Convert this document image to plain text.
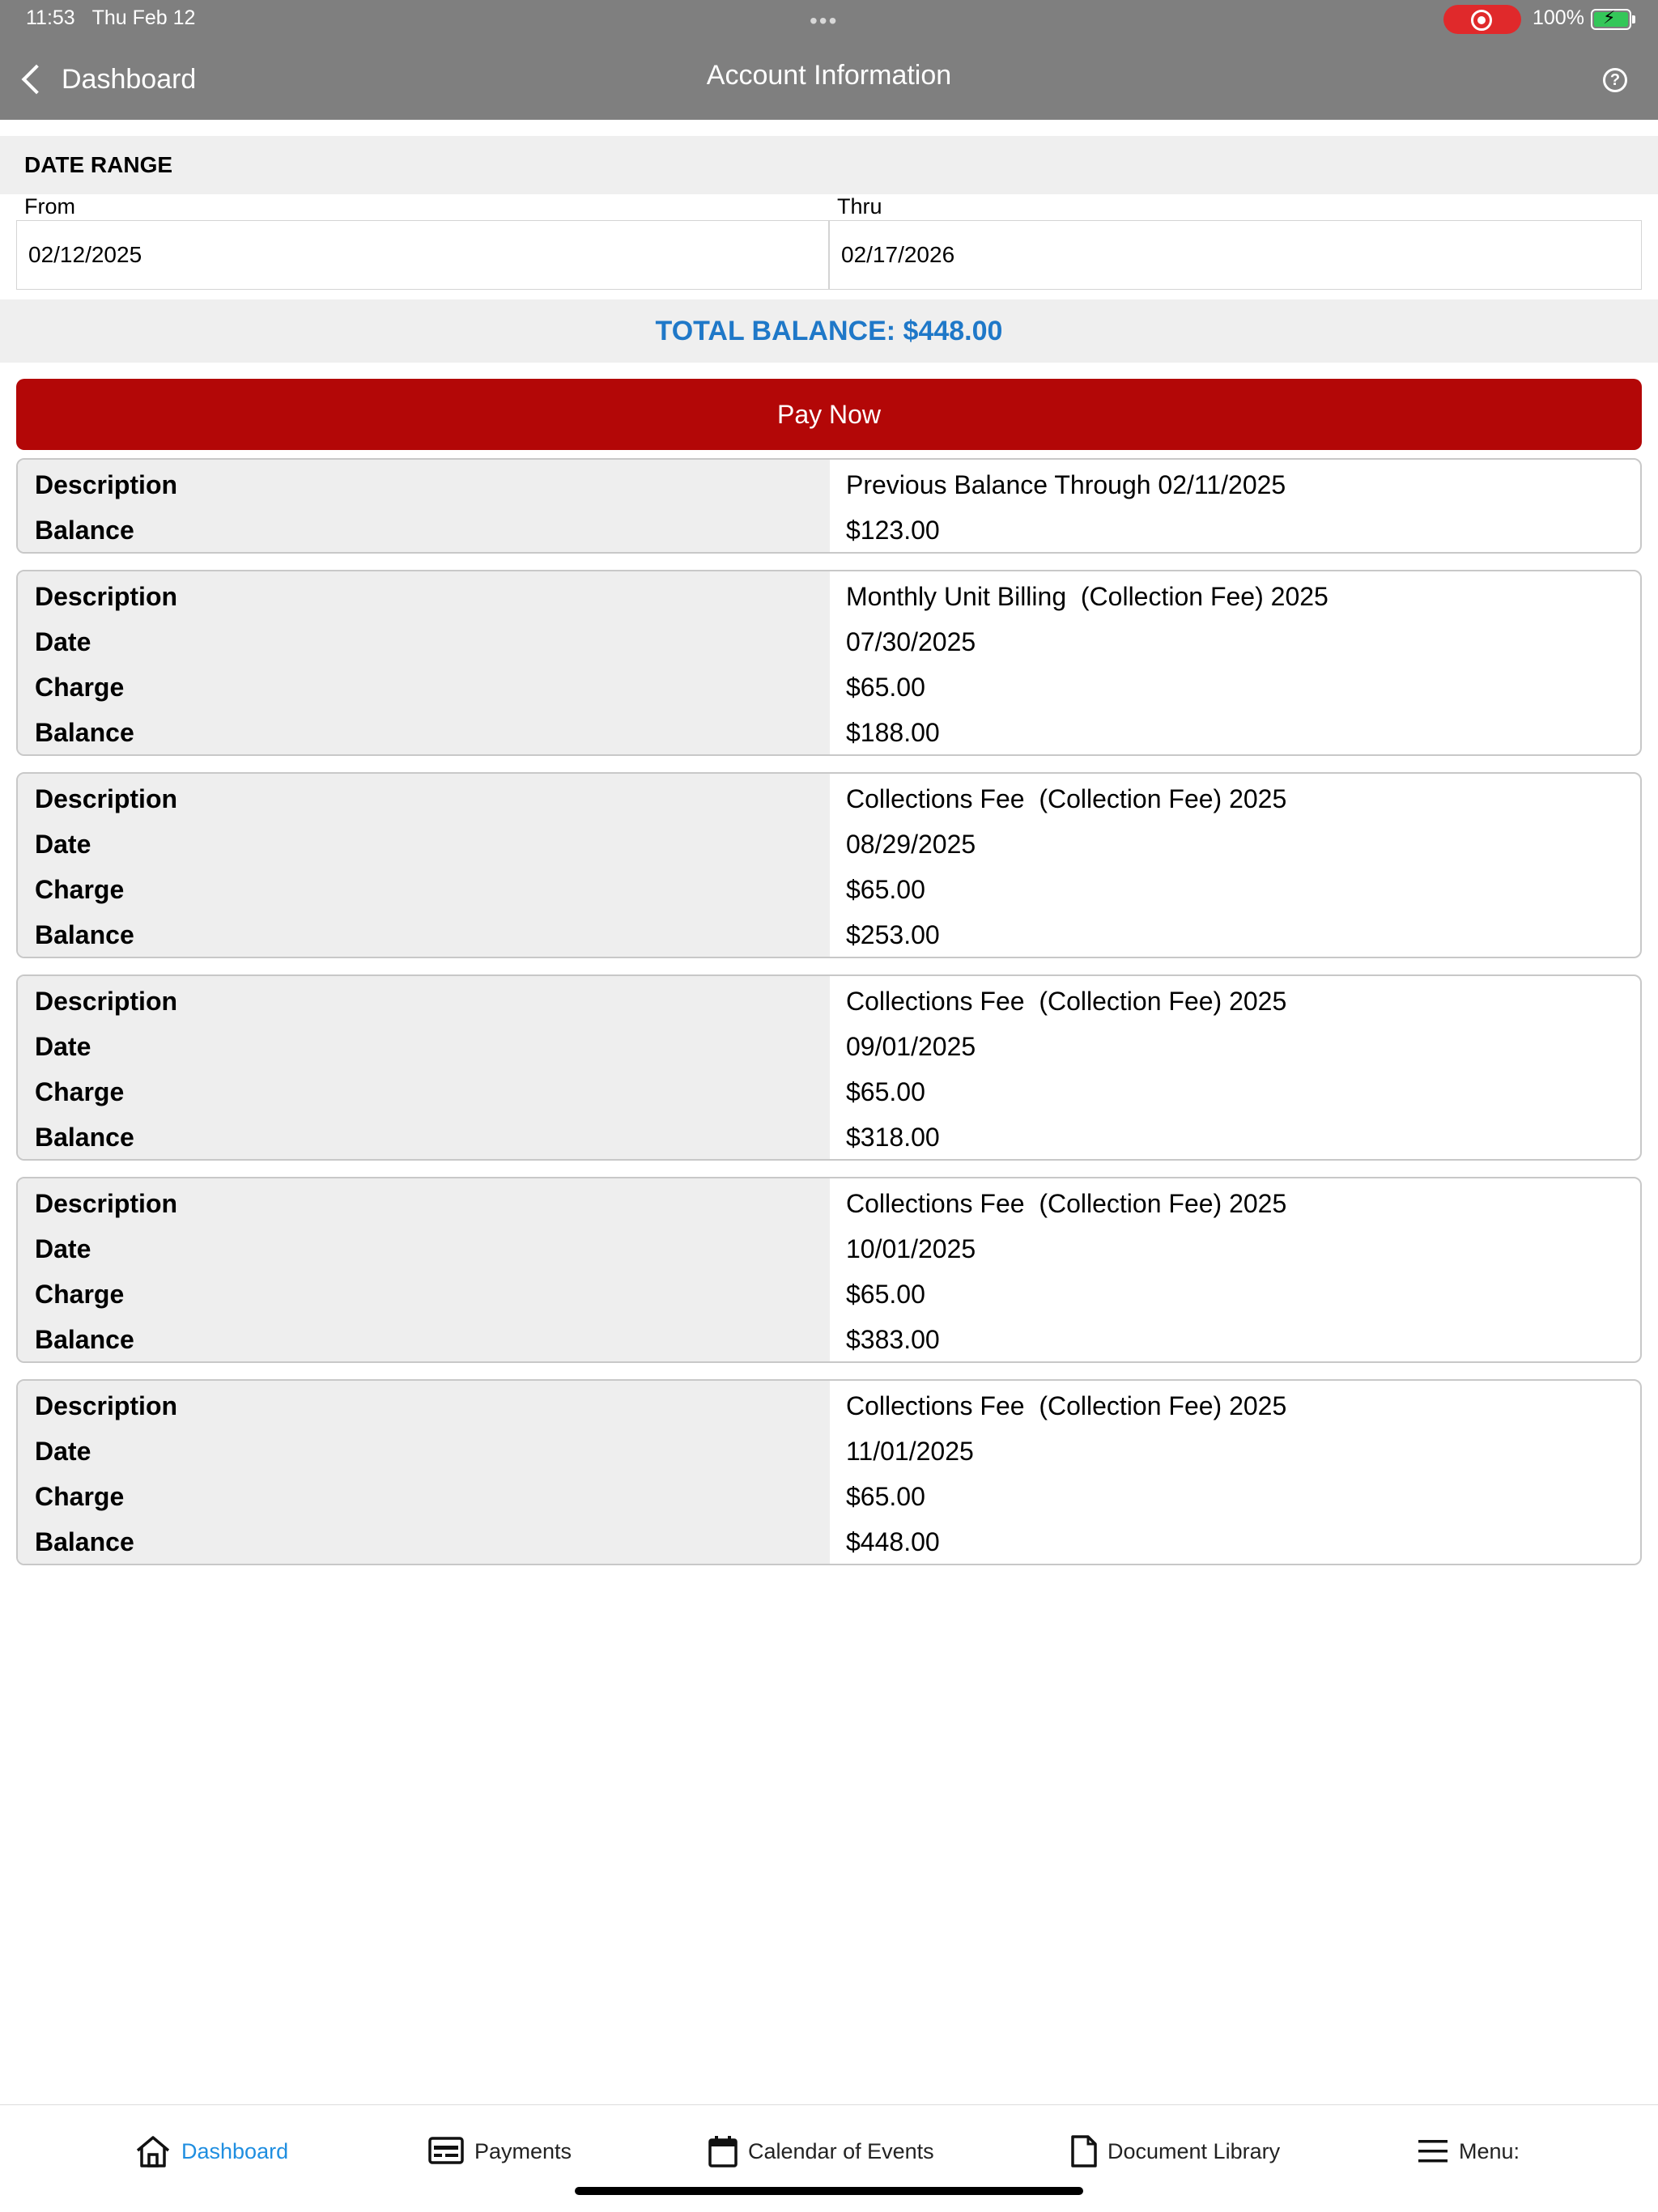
11:53 Thu Feb 12	•••	100% ⚡
Dashboard	Account Information	?
DATE RANGE
From	Thru
02/12/2025	02/17/2026
TOTAL BALANCE: $448.00
Pay Now
Description	Previous Balance Through 02/11/2025
Balance	$123.00
Description	Monthly Unit Billing  (Collection Fee) 2025
Date	07/30/2025
Charge	$65.00
Balance	$188.00
Description	Collections Fee  (Collection Fee) 2025
Date	08/29/2025
Charge	$65.00
Balance	$253.00
Description	Collections Fee  (Collection Fee) 2025
Date	09/01/2025
Charge	$65.00
Balance	$318.00
Description	Collections Fee  (Collection Fee) 2025
Date	10/01/2025
Charge	$65.00
Balance	$383.00
Description	Collections Fee  (Collection Fee) 2025
Date	11/01/2025
Charge	$65.00
Balance	$448.00
Dashboard	Payments	Calendar of Events	Document Library	Menu:
